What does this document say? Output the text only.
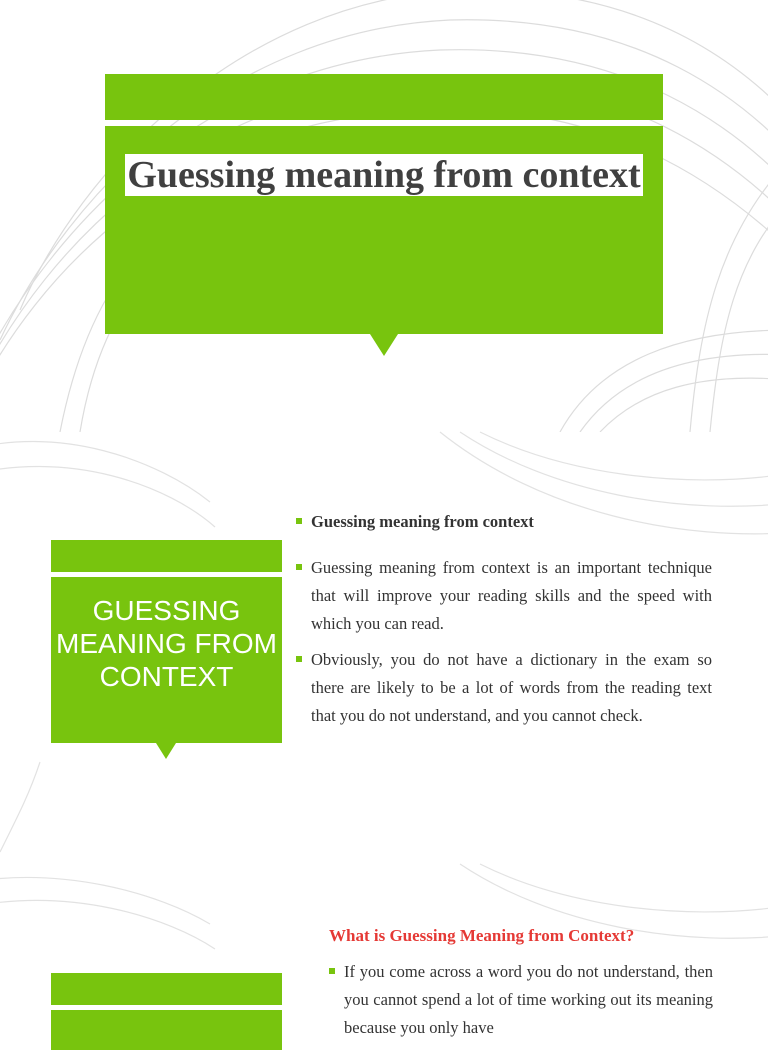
Guessing meaning from context
GUESSING MEANING FROM CONTEXT
Guessing meaning from context
Guessing meaning from context is an important technique that will improve your reading skills and the speed with which you can read.
Obviously, you do not have a dictionary in the exam so there are likely to be a lot of words from the reading text that you do not understand, and you cannot check.
What is Guessing Meaning from Context?
If you come across a word you do not understand, then you cannot spend a lot of time working out its meaning because you only have
